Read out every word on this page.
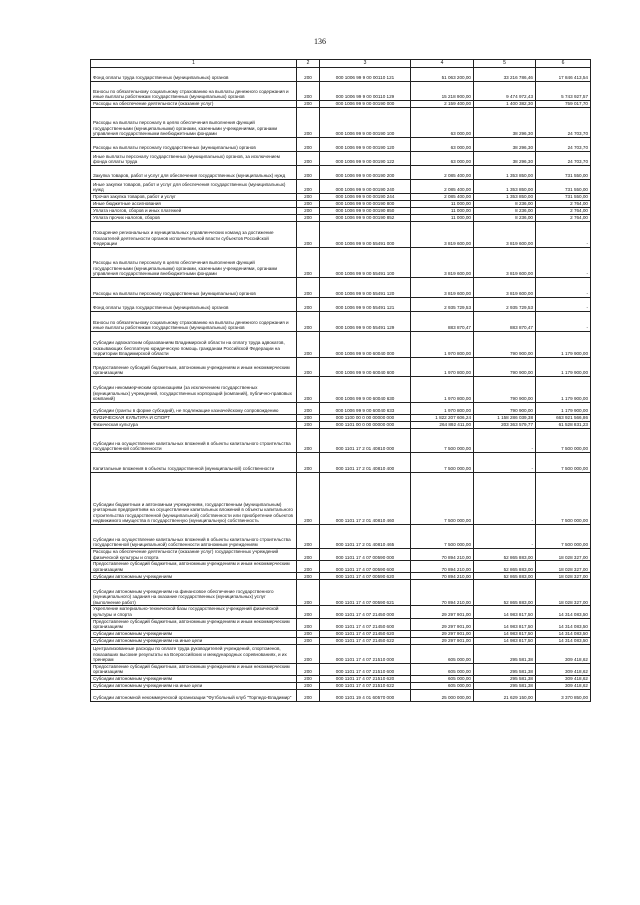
136
1	2	3	4	5	6
Фонд оплаты труда государственных (муниципальных) органов	200	000 1006 99 9 00 00110 121	51 063 200,00	33 216 786,46	17 846 413,54
Взносы по обязательному социальному страхованию на выплаты денежного содержания и иные выплаты работникам государственных (муниципальных) органов	200	000 1006 99 9 00 00110 129	15 218 900,00	9 474 972,43	5 743 927,57
Расходы на обеспечение деятельности (оказание услуг)	200	000 1006 99 9 00 00190 000	2 159 400,00	1 400 382,30	759 017,70
Расходы на выплаты персоналу в целях обеспечения выполнения функций государственными (муниципальными) органами, казенными учреждениями, органами управления государственными внебюджетными фондами	200	000 1006 99 9 00 00190 100	63 000,00	38 296,30	24 703,70
Расходы на выплаты персоналу государственных (муниципальных) органов	200	000 1006 99 9 00 00190 120	63 000,00	38 296,30	24 703,70
Иные выплаты персоналу государственных (муниципальных) органов, за исключением фонда оплаты труда	200	000 1006 99 9 00 00190 122	63 000,00	38 296,30	24 703,70
Закупка товаров, работ и услуг для обеспечения государственных (муниципальных) нужд	200	000 1006 99 9 00 00190 200	2 085 400,00	1 353 850,00	731 550,00
Иные закупки товаров, работ и услуг для обеспечения государственных (муниципальных) нужд	200	000 1006 99 9 00 00190 240	2 085 400,00	1 353 850,00	731 550,00
Прочая закупка товаров, работ и услуг	200	000 1006 99 9 00 00190 244	2 085 400,00	1 353 850,00	731 550,00
Иные бюджетные ассигнования	200	000 1006 99 9 00 00190 800	11 000,00	8 236,00	2 764,00
Уплата налогов, сборов и иных платежей	200	000 1006 99 9 00 00190 850	11 000,00	8 236,00	2 764,00
Уплата прочих налогов, сборов	200	000 1006 99 9 00 00190 852	11 000,00	8 236,00	2 764,00
Поощрение региональных и муниципальных управленческих команд за достижение показателей деятельности органов исполнительной власти субъектов Российской Федерации	200	000 1006 99 9 00 55491 000	3 819 600,00	3 819 600,00	-
Расходы на выплаты персоналу в целях обеспечения выполнения функций государственными (муниципальными) органами, казенными учреждениями, органами управления государственными внебюджетными фондами	200	000 1006 99 9 00 55491 100	3 819 600,00	3 819 600,00	-
Расходы на выплаты персоналу государственных (муниципальных) органов	200	000 1006 99 9 00 55491 120	3 819 600,00	3 819 600,00	-
Фонд оплаты труда государственных (муниципальных) органов	200	000 1006 99 9 00 55491 121	2 935 729,53	2 935 729,53	-
Взносы по обязательному социальному страхованию на выплаты денежного содержания и иные выплаты работникам государственных (муниципальных) органов	200	000 1006 99 9 00 55491 129	883 870,47	883 870,47	-
Субсидии адвокатским образованиям Владимирской области на оплату труда адвокатов, оказывающих бесплатную юридическую помощь гражданам Российской Федерации на территории Владимирской области	200	000 1006 99 9 00 60040 000	1 970 800,00	790 900,00	1 179 900,00
Предоставление субсидий бюджетным, автономным учреждениям и иным некоммерческим организациям	200	000 1006 99 9 00 60040 600	1 970 800,00	790 900,00	1 179 900,00
Субсидии некоммерческим организациям (за исключением государственных (муниципальных) учреждений, государственных корпораций (компаний), публично-правовых компаний)	200	000 1006 99 9 00 60040 630	1 970 800,00	790 900,00	1 179 900,00
Субсидии (гранты в форме субсидий), не подлежащие казначейскому сопровождению	200	000 1006 99 9 00 60040 633	1 970 800,00	790 900,00	1 179 900,00
ФИЗИЧЕСКАЯ КУЛЬТУРА И СПОРТ	200	000 1100 00 0 00 00000 000	1 822 207 606,24	1 158 286 039,38	663 921 566,86
Физическая культура	200	000 1101 00 0 00 00000 000	264 892 411,00	203 363 579,77	61 528 831,23
Субсидии на осуществление капитальных вложений в объекты капитального строительства государственной собственности	200	000 1101 17 2 01 40810 000	7 500 000,00	-	7 500 000,00
Капитальные вложения в объекты государственной (муниципальной) собственности	200	000 1101 17 2 01 40810 400	7 500 000,00	-	7 500 000,00
Субсидии бюджетным и автономным учреждениям, государственным (муниципальным) унитарным предприятиям на осуществление капитальных вложений в объекты капитального строительства государственной (муниципальной) собственности или приобретение объектов недвижимого имущества в государственную (муниципальную) собственность	200	000 1101 17 2 01 40810 460	7 500 000,00	-	7 500 000,00
Субсидии на осуществление капитальных вложений в объекты капитального строительства государственной (муниципальной) собственности автономным учреждениям	200	000 1101 17 2 01 40810 465	7 500 000,00	-	7 500 000,00
Расходы на обеспечение деятельности (оказание услуг) государственных учреждений физической культуры и спорта	200	000 1101 17 4 07 00590 000	70 894 210,00	52 865 883,00	18 028 327,00
Предоставление субсидий бюджетным, автономным учреждениям и иным некоммерческим организациям	200	000 1101 17 4 07 00590 600	70 894 210,00	52 865 883,00	18 028 327,00
Субсидии автономным учреждениям	200	000 1101 17 4 07 00590 620	70 894 210,00	52 865 883,00	18 028 327,00
Субсидии автономным учреждениям на финансовое обеспечение государственного (муниципального) задания на оказание государственных (муниципальных) услуг (выполнение работ)	200	000 1101 17 4 07 00590 621	70 894 210,00	52 865 883,00	18 028 327,00
Укрепление материально-технической базы государственных учреждений физической культуры и спорта	200	000 1101 17 4 07 21450 000	29 297 901,00	14 983 817,50	14 314 083,50
Предоставление субсидий бюджетным, автономным учреждениям и иным некоммерческим организациям	200	000 1101 17 4 07 21450 600	29 297 901,00	14 983 817,50	14 314 083,50
Субсидии автономным учреждениям	200	000 1101 17 4 07 21450 620	29 297 901,00	14 983 817,50	14 314 083,50
Субсидии автономным учреждениям на иные цели	200	000 1101 17 4 07 21450 622	29 297 901,00	14 983 817,50	14 314 083,50
Централизованные расходы по оплате труда руководителей учреждений, спортсменов, показавших высокие результаты на Всероссийских и международных соревнованиях, и их тренерам	200	000 1101 17 4 07 21510 000	605 000,00	295 581,38	309 418,62
Предоставление субсидий бюджетным, автономным учреждениям и иным некоммерческим организациям	200	000 1101 17 4 07 21510 600	605 000,00	295 581,38	309 418,62
Субсидии автономным учреждениям	200	000 1101 17 4 07 21510 620	605 000,00	295 581,38	309 418,62
Субсидии автономным учреждениям на иные цели	200	000 1101 17 4 07 21510 622	605 000,00	295 581,38	309 418,62
Субсидии автономной некоммерческой организации "Футбольный клуб "Торпедо-Владимир"	200	000 1101 19 4 01 60570 000	25 000 000,00	21 629 150,00	3 370 850,00
